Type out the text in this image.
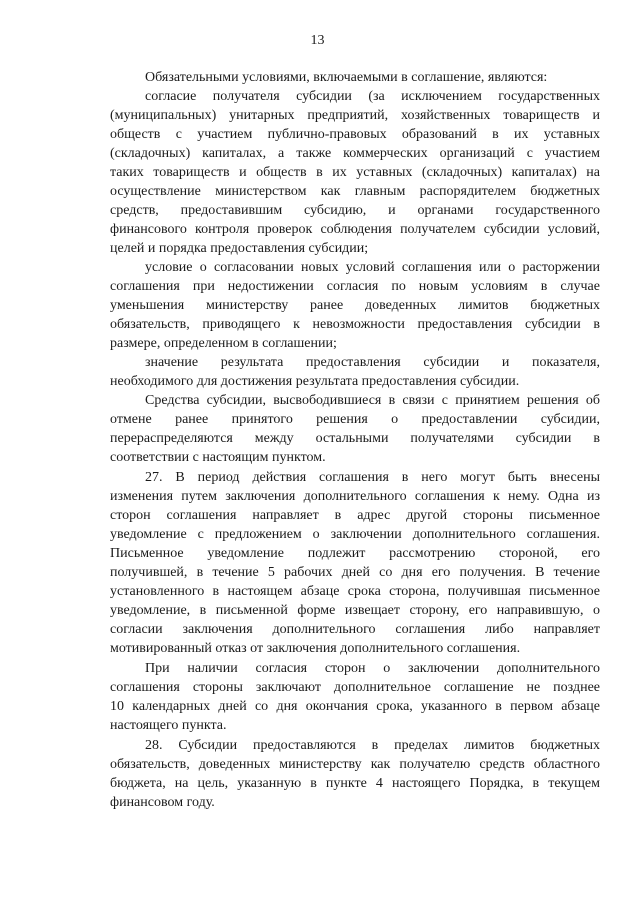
13
Обязательными условиями, включаемыми в соглашение, являются:
согласие получателя субсидии (за исключением государственных
(муниципальных) унитарных предприятий, хозяйственных товариществ и
обществ с участием публично-правовых образований в их уставных
(складочных) капиталах, а также коммерческих организаций с участием
таких товариществ и обществ в их уставных (складочных) капиталах) на
осуществление министерством как главным распорядителем бюджетных
средств, предоставившим субсидию, и органами государственного
финансового контроля проверок соблюдения получателем субсидии условий,
целей и порядка предоставления субсидии;
условие о согласовании новых условий соглашения или о расторжении
соглашения при недостижении согласия по новым условиям в случае
уменьшения министерству ранее доведенных лимитов бюджетных
обязательств, приводящего к невозможности предоставления субсидии в
размере, определенном в соглашении;
значение результата предоставления субсидии и показателя,
необходимого для достижения результата предоставления субсидии.
Средства субсидии, высвободившиеся в связи с принятием решения об
отмене ранее принятого решения о предоставлении субсидии,
перераспределяются между остальными получателями субсидии в
соответствии с настоящим пунктом.
27. В период действия соглашения в него могут быть внесены
изменения путем заключения дополнительного соглашения к нему. Одна из
сторон соглашения направляет в адрес другой стороны письменное
уведомление с предложением о заключении дополнительного соглашения.
Письменное уведомление подлежит рассмотрению стороной, его
получившей, в течение 5 рабочих дней со дня его получения. В течение
установленного в настоящем абзаце срока сторона, получившая письменное
уведомление, в письменной форме извещает сторону, его направившую, о
согласии заключения дополнительного соглашения либо направляет
мотивированный отказ от заключения дополнительного соглашения.
При наличии согласия сторон о заключении дополнительного
соглашения стороны заключают дополнительное соглашение не позднее
10 календарных дней со дня окончания срока, указанного в первом абзаце
настоящего пункта.
28. Субсидии предоставляются в пределах лимитов бюджетных
обязательств, доведенных министерству как получателю средств областного
бюджета, на цель, указанную в пункте 4 настоящего Порядка, в текущем
финансовом году.
